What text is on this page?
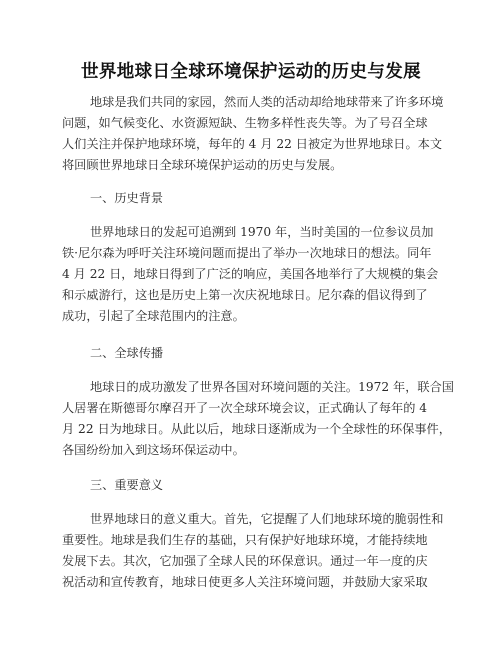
世界地球日全球环境保护运动的历史与发展
地球是我们共同的家园，然而人类的活动却给地球带来了许多环境
问题，如气候变化、水资源短缺、生物多样性丧失等。为了号召全球
人们关注并保护地球环境，每年的 4 月 22 日被定为世界地球日。本文
将回顾世界地球日全球环境保护运动的历史与发展。
一、历史背景
世界地球日的发起可追溯到 1970 年，当时美国的一位参议员加
铁·尼尔森为呼吁关注环境问题而提出了举办一次地球日的想法。同年
4 月 22 日，地球日得到了广泛的响应，美国各地举行了大规模的集会
和示威游行，这也是历史上第一次庆祝地球日。尼尔森的倡议得到了
成功，引起了全球范围内的注意。
二、全球传播
地球日的成功激发了世界各国对环境问题的关注。1972 年，联合国
人居署在斯德哥尔摩召开了一次全球环境会议，正式确认了每年的 4
月 22 日为地球日。从此以后，地球日逐渐成为一个全球性的环保事件，
各国纷纷加入到这场环保运动中。
三、重要意义
世界地球日的意义重大。首先，它提醒了人们地球环境的脆弱性和
重要性。地球是我们生存的基础，只有保护好地球环境，才能持续地
发展下去。其次，它加强了全球人民的环保意识。通过一年一度的庆
祝活动和宣传教育，地球日使更多人关注环境问题，并鼓励大家采取
